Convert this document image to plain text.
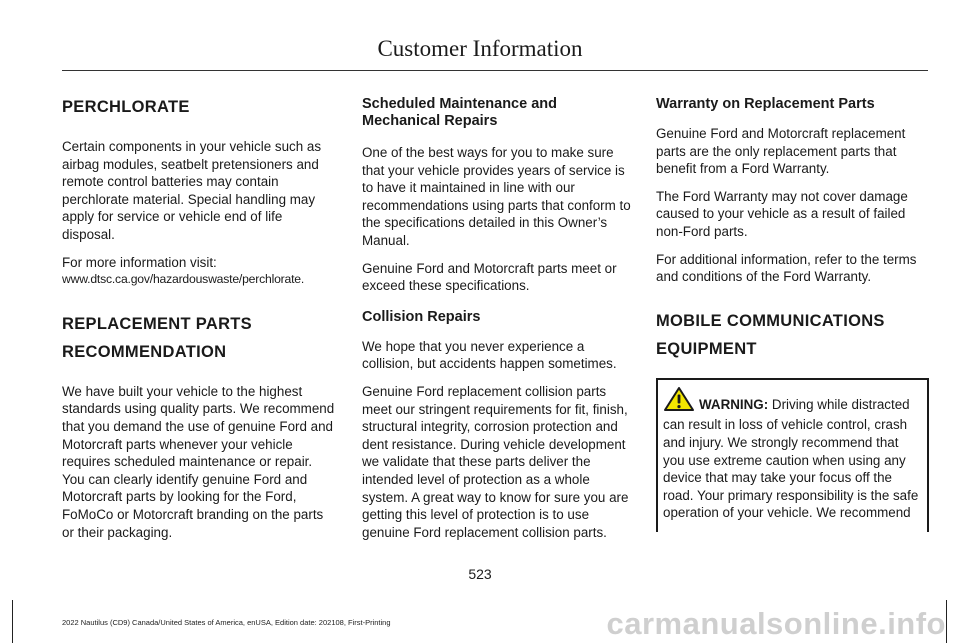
Customer Information
PERCHLORATE

Certain components in your vehicle such as airbag modules, seatbelt pretensioners and remote control batteries may contain perchlorate material. Special handling may apply for service or vehicle end of life disposal.

For more information visit:

www.dtsc.ca.gov/hazardouswaste/perchlorate.

REPLACEMENT PARTS
RECOMMENDATION

We have built your vehicle to the highest standards using quality parts. We recommend that you demand the use of genuine Ford and Motorcraft parts whenever your vehicle requires scheduled maintenance or repair. You can clearly identify genuine Ford and Motorcraft parts by looking for the Ford, FoMoCo or Motorcraft branding on the parts or their packaging.

Scheduled Maintenance and Mechanical Repairs

One of the best ways for you to make sure that your vehicle provides years of service is to have it maintained in line with our recommendations using parts that conform to the specifications detailed in this Owner’s Manual.

Genuine Ford and Motorcraft parts meet or exceed these specifications.

Collision Repairs

We hope that you never experience a collision, but accidents happen sometimes.

Genuine Ford replacement collision parts meet our stringent requirements for fit, finish, structural integrity, corrosion protection and dent resistance. During vehicle development we validate that these parts deliver the intended level of protection as a whole system. A great way to know for sure you are getting this level of protection is to use genuine Ford replacement collision parts.

Warranty on Replacement Parts

Genuine Ford and Motorcraft replacement parts are the only replacement parts that benefit from a Ford Warranty.

The Ford Warranty may not cover damage caused to your vehicle as a result of failed non-Ford parts.

For additional information, refer to the terms and conditions of the Ford Warranty.

MOBILE COMMUNICATIONS
EQUIPMENT

WARNING: Driving while distracted can result in loss of vehicle control, crash and injury. We strongly recommend that you use extreme caution when using any device that may take your focus off the road. Your primary responsibility is the safe operation of your vehicle. We recommend

523
2022 Nautilus (CD9) Canada/United States of America, enUSA, Edition date: 202108, First-Printing	carmanualsonline.info
